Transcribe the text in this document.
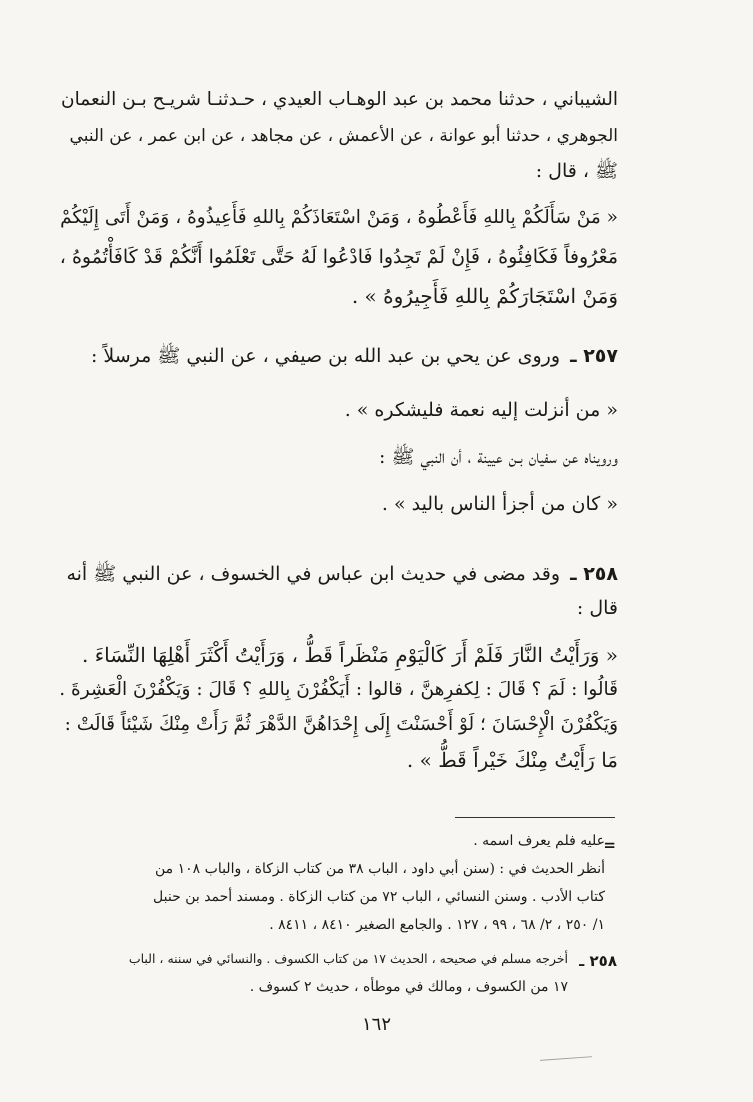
الشيباني ، حدثنا محمد بن عبد الوهـاب العيدي ، حـدثنـا شريـح بـن النعمان
الجوهري ، حدثنا أبو عوانة ، عن الأعمش ، عن مجاهد ، عن ابن عمر ، عن النبي
ﷺ ، قال :
« مَنْ سَأَلَكُمْ بِاللهِ فَأَعْطُوهُ ، وَمَنْ اسْتَعَاذَكُمْ بِاللهِ فَأَعِيذُوهُ ، وَمَنْ أَتَى إِلَيْكُمْ
مَعْرُوفاً فَكَافِئُوهُ ، فَإِنْ لَمْ تَجِدُوا فَادْعُوا لَهُ حَتَّى تَعْلَمُوا أَنَّكُمْ قَدْ كَافَأْتُمُوهُ ،
وَمَنْ اسْتَجَارَكُمْ بِاللهِ فَأَجِيرُوهُ » .
٢٥٧ ـ وروى عن يحي بن عبد الله بن صيفي ، عن النبي ﷺ مرسلاً :
« من أنزلت إليه نعمة فليشكره » .
ورويناه عن سفيان بـن عيينة ، أن النبي ﷺ :
« كان من أجزأ الناس باليد » .
٢٥٨ ـ وقد مضى في حديث ابن عباس في الخسوف ، عن النبي ﷺ أنه
قال :
« وَرَأَيْتُ النَّارَ فَلَمْ أَرَ كَالْيَوْمِ مَنْظَراً قَطُّ ، وَرَأَيْتُ أَكْثَرَ أَهْلِهَا النِّسَاءَ .
قَالُوا : لَمَ ؟ قَالَ : لِكفرِهنَّ ، قالوا : أَيَكْفُرْنَ بِاللهِ ؟ قَالَ : وَيَكْفُرْنَ الْعَشِرةَ .
وَيَكْفُرْنَ الْإِحْسَانَ ؛ لَوْ أَحْسَنْتَ إِلَى إِحْدَاهُنَّ الدَّهْرَ ثُمَّ رَأَتْ مِنْكَ شَيْئاً قَالَتْ :
مَا رَأَيْتُ مِنْكَ خَيْراً قَطُّ » .
=
عليه فلم يعرف اسمه .
أنظر الحديث في : (سنن أبي داود ، الباب ٣٨ من كتاب الزكاة ، والباب ١٠٨ من
كتاب الأدب . وسنن النسائي ، الباب ٧٢ من كتاب الزكاة . ومسند أحمد بن حنبل
١/ ٢٥٠ ، ٢/ ٦٨ ، ٩٩ ، ١٢٧ . والجامع الصغير ٨٤١٠ ، ٨٤١١ .
٢٥٨ ـ
أخرجه مسلم في صحيحه ، الحديث ١٧ من كتاب الكسوف . والنسائي في سننه ، الباب
١٧ من الكسوف ، ومالك في موطأه ، حديث ٢ كسوف .
١٦٢
